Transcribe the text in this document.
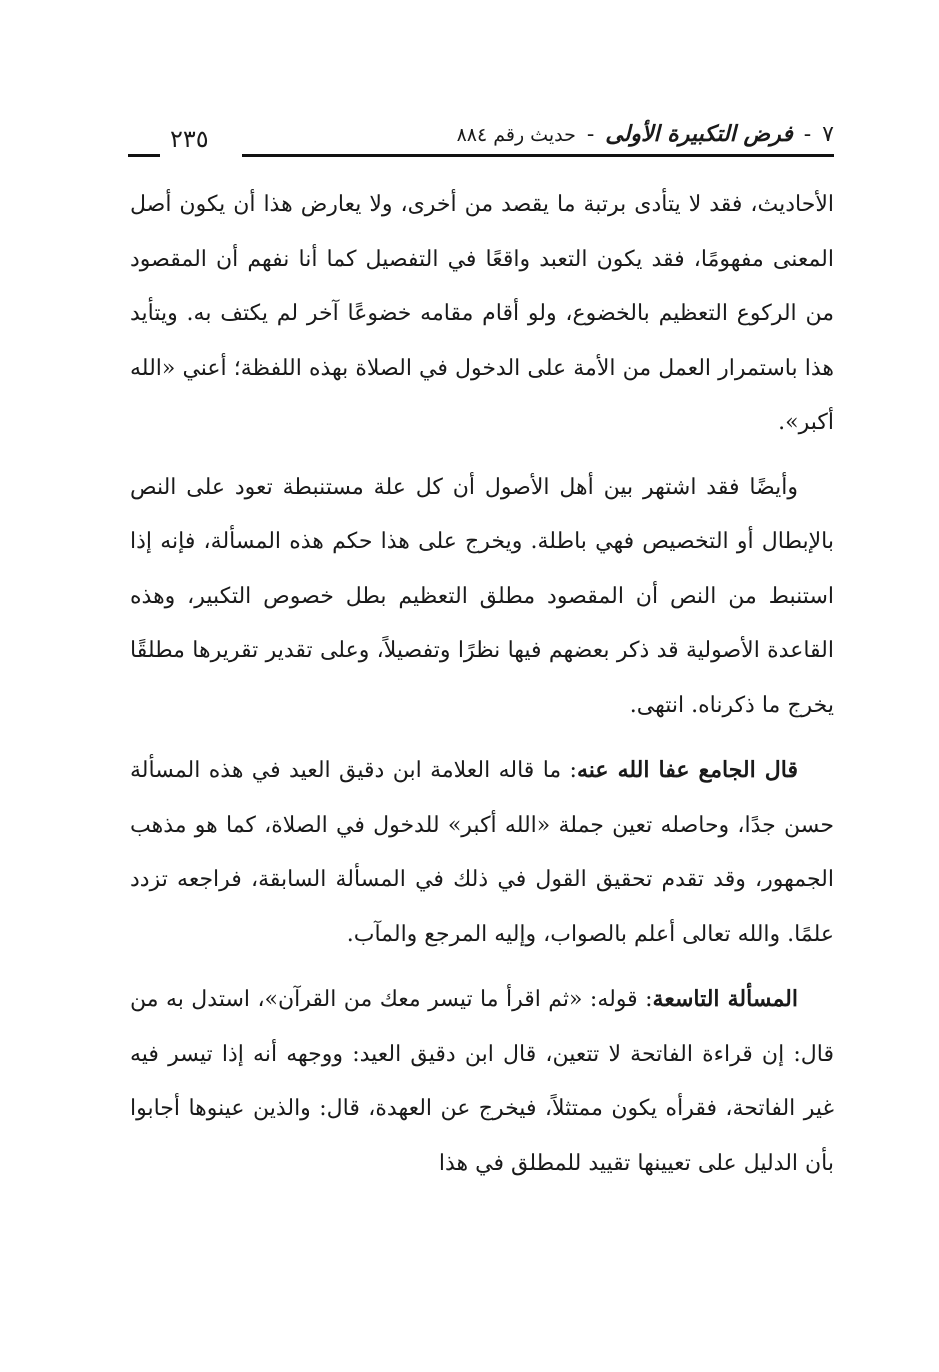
٧ - فرض التكبيرة الأولى - حديث رقم ٨٨٤
٢٣٥

الأحاديث، فقد لا يتأدى برتبة ما يقصد من أخرى، ولا يعارض هذا أن يكون أصل المعنى مفهومًا، فقد يكون التعبد واقعًا في التفصيل كما أنا نفهم أن المقصود من الركوع التعظيم بالخضوع، ولو أقام مقامه خضوعًا آخر لم يكتف به. ويتأيد هذا باستمرار العمل من الأمة على الدخول في الصلاة بهذه اللفظة؛ أعني «الله أكبر».

وأيضًا فقد اشتهر بين أهل الأصول أن كل علة مستنبطة تعود على النص بالإبطال أو التخصيص فهي باطلة. ويخرج على هذا حكم هذه المسألة، فإنه إذا استنبط من النص أن المقصود مطلق التعظيم بطل خصوص التكبير، وهذه القاعدة الأصولية قد ذكر بعضهم فيها نظرًا وتفصيلاً، وعلى تقدير تقريرها مطلقًا يخرج ما ذكرناه. انتهى.

قال الجامع عفا الله عنه: ما قاله العلامة ابن دقيق العيد في هذه المسألة حسن جدًا، وحاصله تعين جملة «الله أكبر» للدخول في الصلاة، كما هو مذهب الجمهور، وقد تقدم تحقيق القول في ذلك في المسألة السابقة، فراجعه تزدد علمًا. والله تعالى أعلم بالصواب، وإليه المرجع والمآب.

المسألة التاسعة: قوله: «ثم اقرأ ما تيسر معك من القرآن»، استدل به من قال: إن قراءة الفاتحة لا تتعين، قال ابن دقيق العيد: ووجهه أنه إذا تيسر فيه غير الفاتحة، فقرأه يكون ممتثلاً، فيخرج عن العهدة، قال: والذين عينوها أجابوا بأن الدليل على تعيينها تقييد للمطلق في هذا
